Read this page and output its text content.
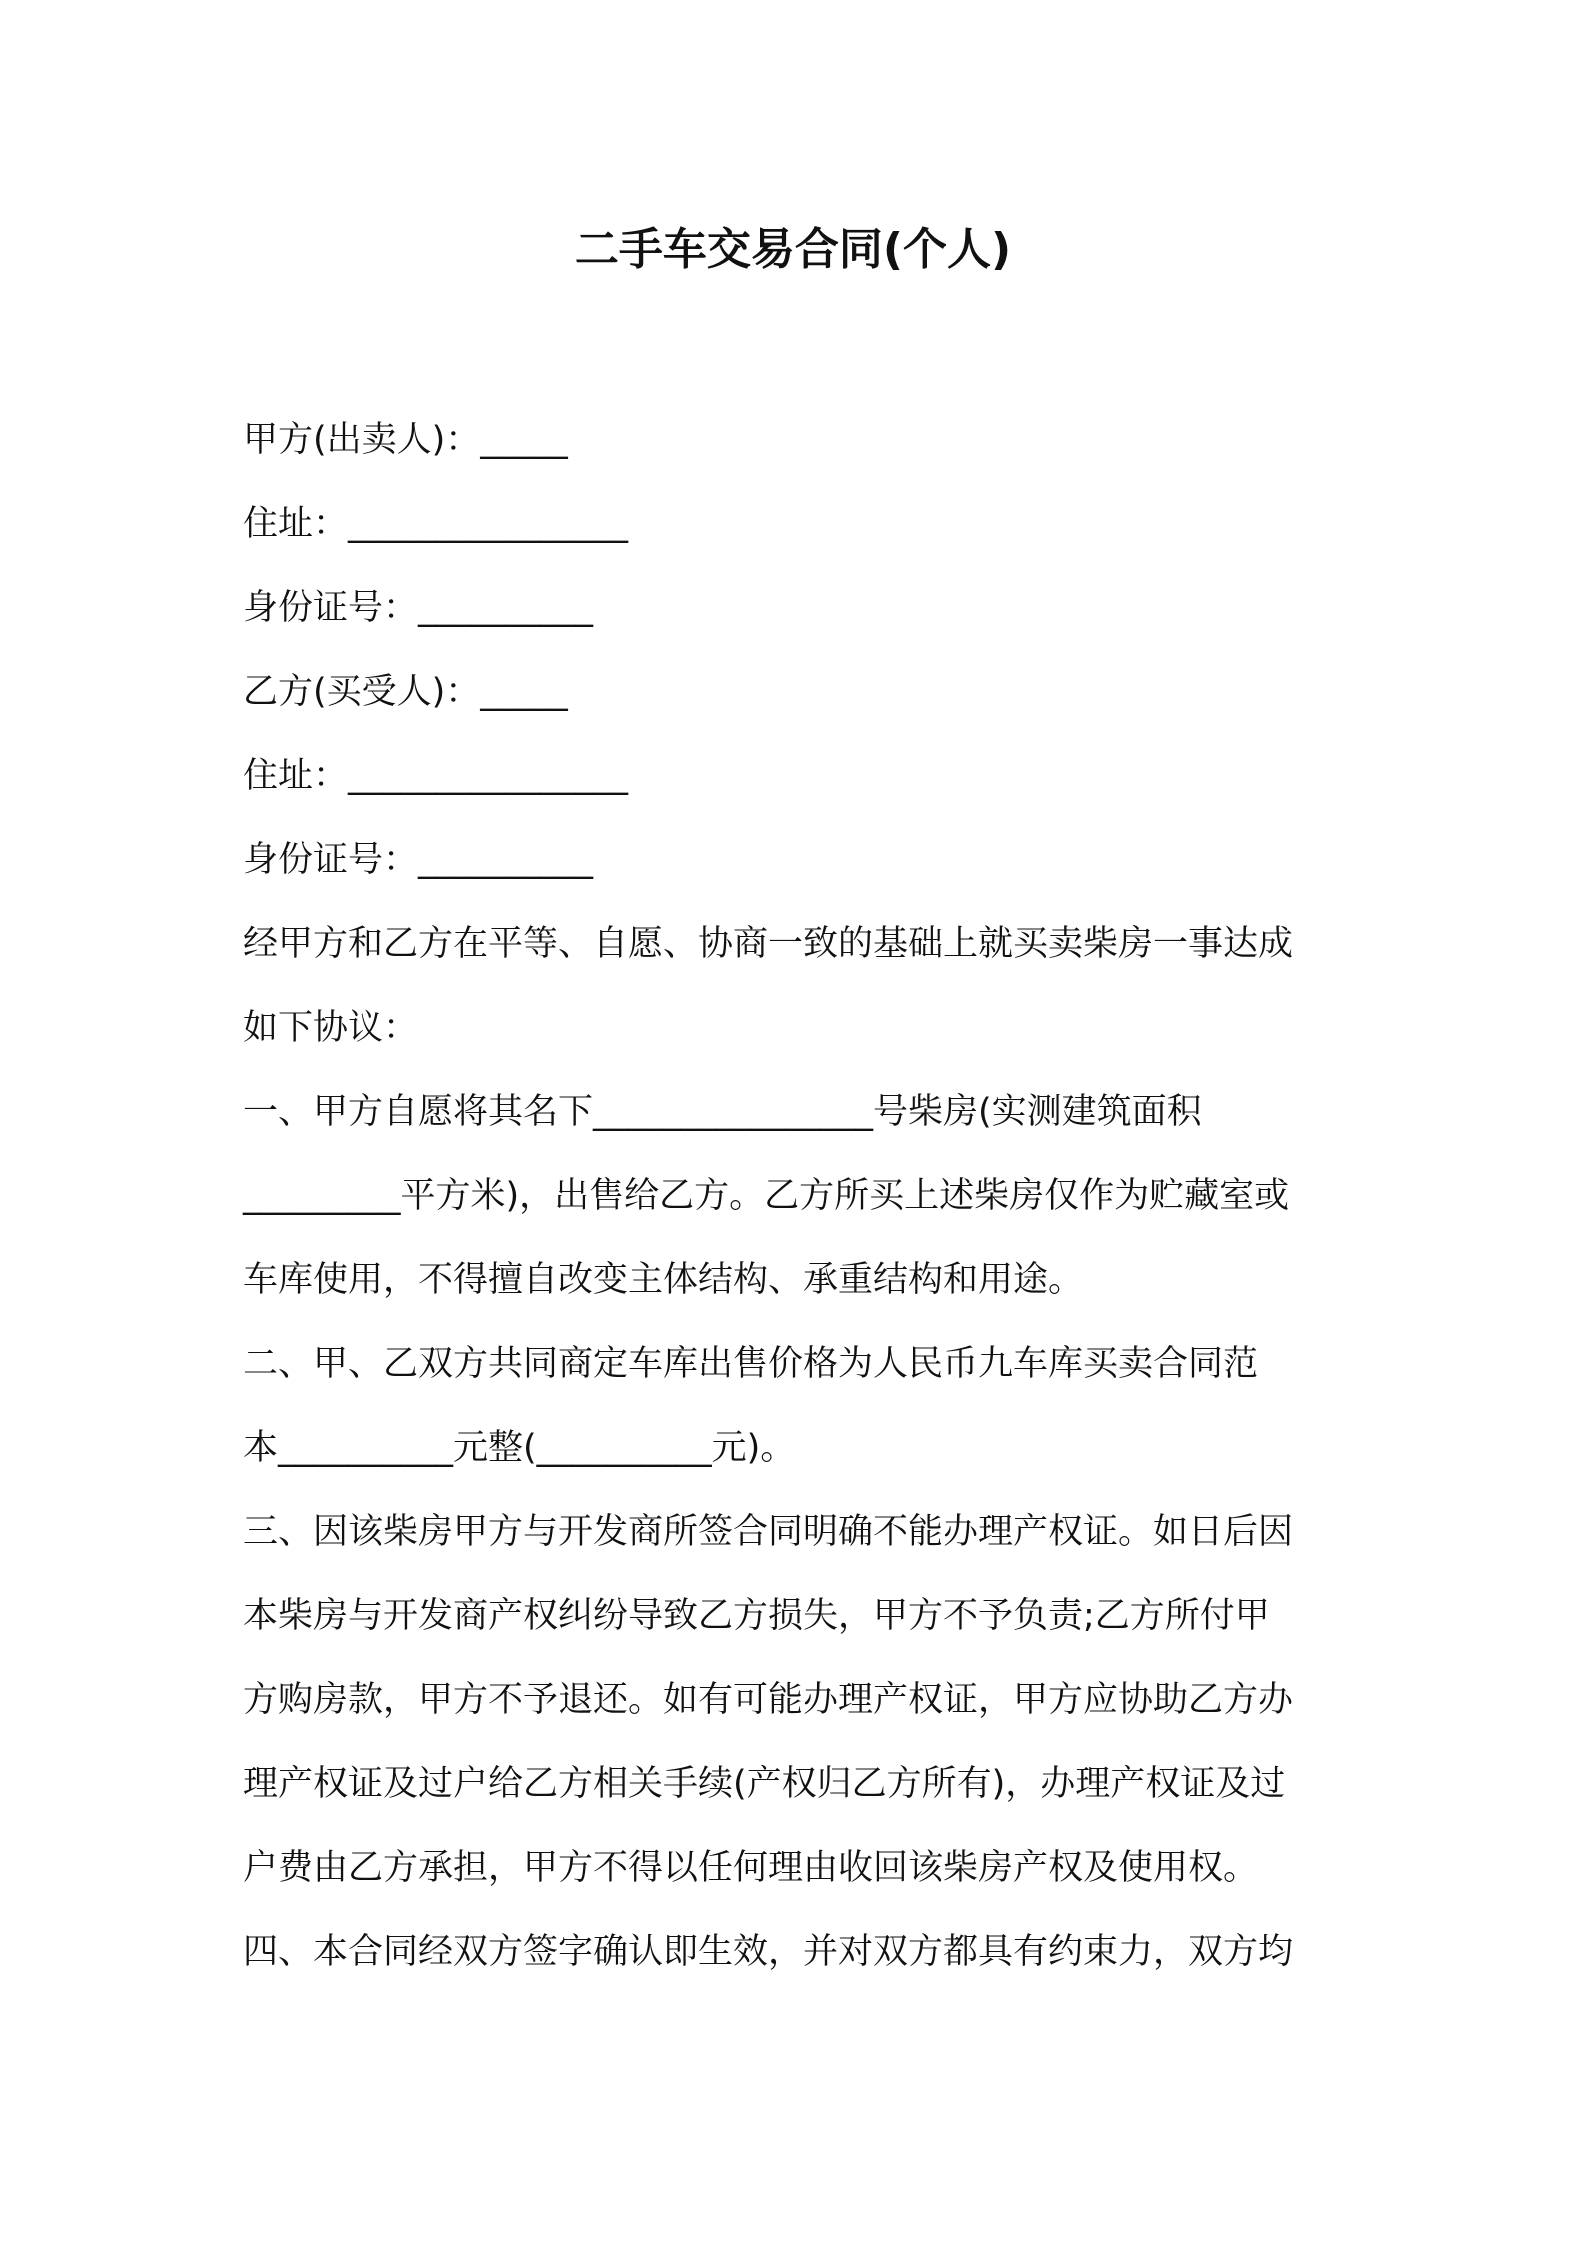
二手车交易合同(个人)
甲方(出卖人)：_____
住址：________________
身份证号：__________
乙方(买受人)：_____
住址：________________
身份证号：__________
经甲方和乙方在平等、自愿、协商一致的基础上就买卖柴房一事达成
如下协议：
一、甲方自愿将其名下________________号柴房(实测建筑面积
_________平方米)，出售给乙方。乙方所买上述柴房仅作为贮藏室或
车库使用，不得擅自改变主体结构、承重结构和用途。
二、甲、乙双方共同商定车库出售价格为人民币九车库买卖合同范
本__________元整(__________元)。
三、因该柴房甲方与开发商所签合同明确不能办理产权证。如日后因
本柴房与开发商产权纠纷导致乙方损失，甲方不予负责;乙方所付甲
方购房款，甲方不予退还。如有可能办理产权证，甲方应协助乙方办
理产权证及过户给乙方相关手续(产权归乙方所有)，办理产权证及过
户费由乙方承担，甲方不得以任何理由收回该柴房产权及使用权。
四、本合同经双方签字确认即生效，并对双方都具有约束力，双方均
